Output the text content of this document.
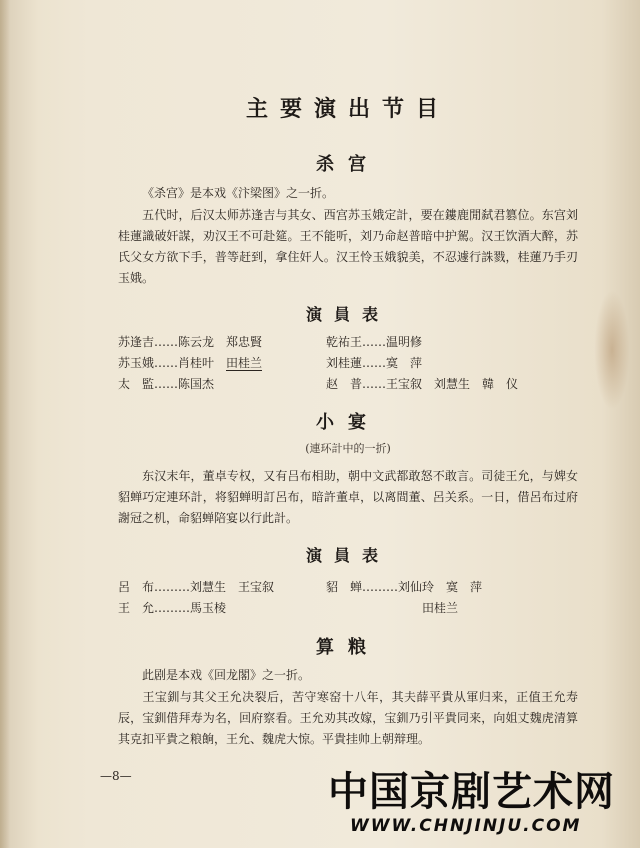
主要演出节目
杀宫
《杀宫》是本戏《汴梁图》之一折。
五代时，后汉太师苏逢吉与其女、西宫苏玉娥定計，要在鏤鹿閒弑君篡位。东宫刘桂蓮識破奸謀，劝汉王不可赴筵。王不能听，刘乃命赵普暗中护駕。汉王饮酒大醉，苏氏父女方欲下手，普等赶到，拿住奸人。汉王怜玉娥貌美，不忍遽行誅戮，桂蓮乃手刃玉娥。
演員表
苏逢吉……陈云龙　郑忠賢
苏玉娥……肖桂叶　田桂兰
太　監……陈国杰
乾祐王……温明修
刘桂蓮……寞　萍
赵　普……王宝叙　刘慧生　韓　仪
小宴
(連环計中的一折)
东汉末年，董卓专权，又有吕布相助，朝中文武都敢怒不敢言。司徒王允，与婢女貂蝉巧定連环計，将貂蝉明訂呂布，暗許董卓，以离間董、呂关系。一日，借呂布过府謝冠之机，命貂蝉陪宴以行此計。
演員表
呂　布………刘慧生　王宝叙
王　允………馬玉棱
貂　蝉………刘仙玲　寞　萍
田桂兰
算粮
此剧是本戏《回龙閣》之一折。
王宝釧与其父王允决裂后，苦守寒窑十八年，其夫薛平貴从軍归来，正值王允寿辰，宝釧借拜寿为名，回府察看。王允劝其改嫁，宝釧乃引平貴同来，向姐丈魏虎清算其克扣平貴之粮餉，王允、魏虎大惊。平貴挂帅上朝辩理。
—8—	中国京剧艺术网
WWW.CHNJINJU.COM
